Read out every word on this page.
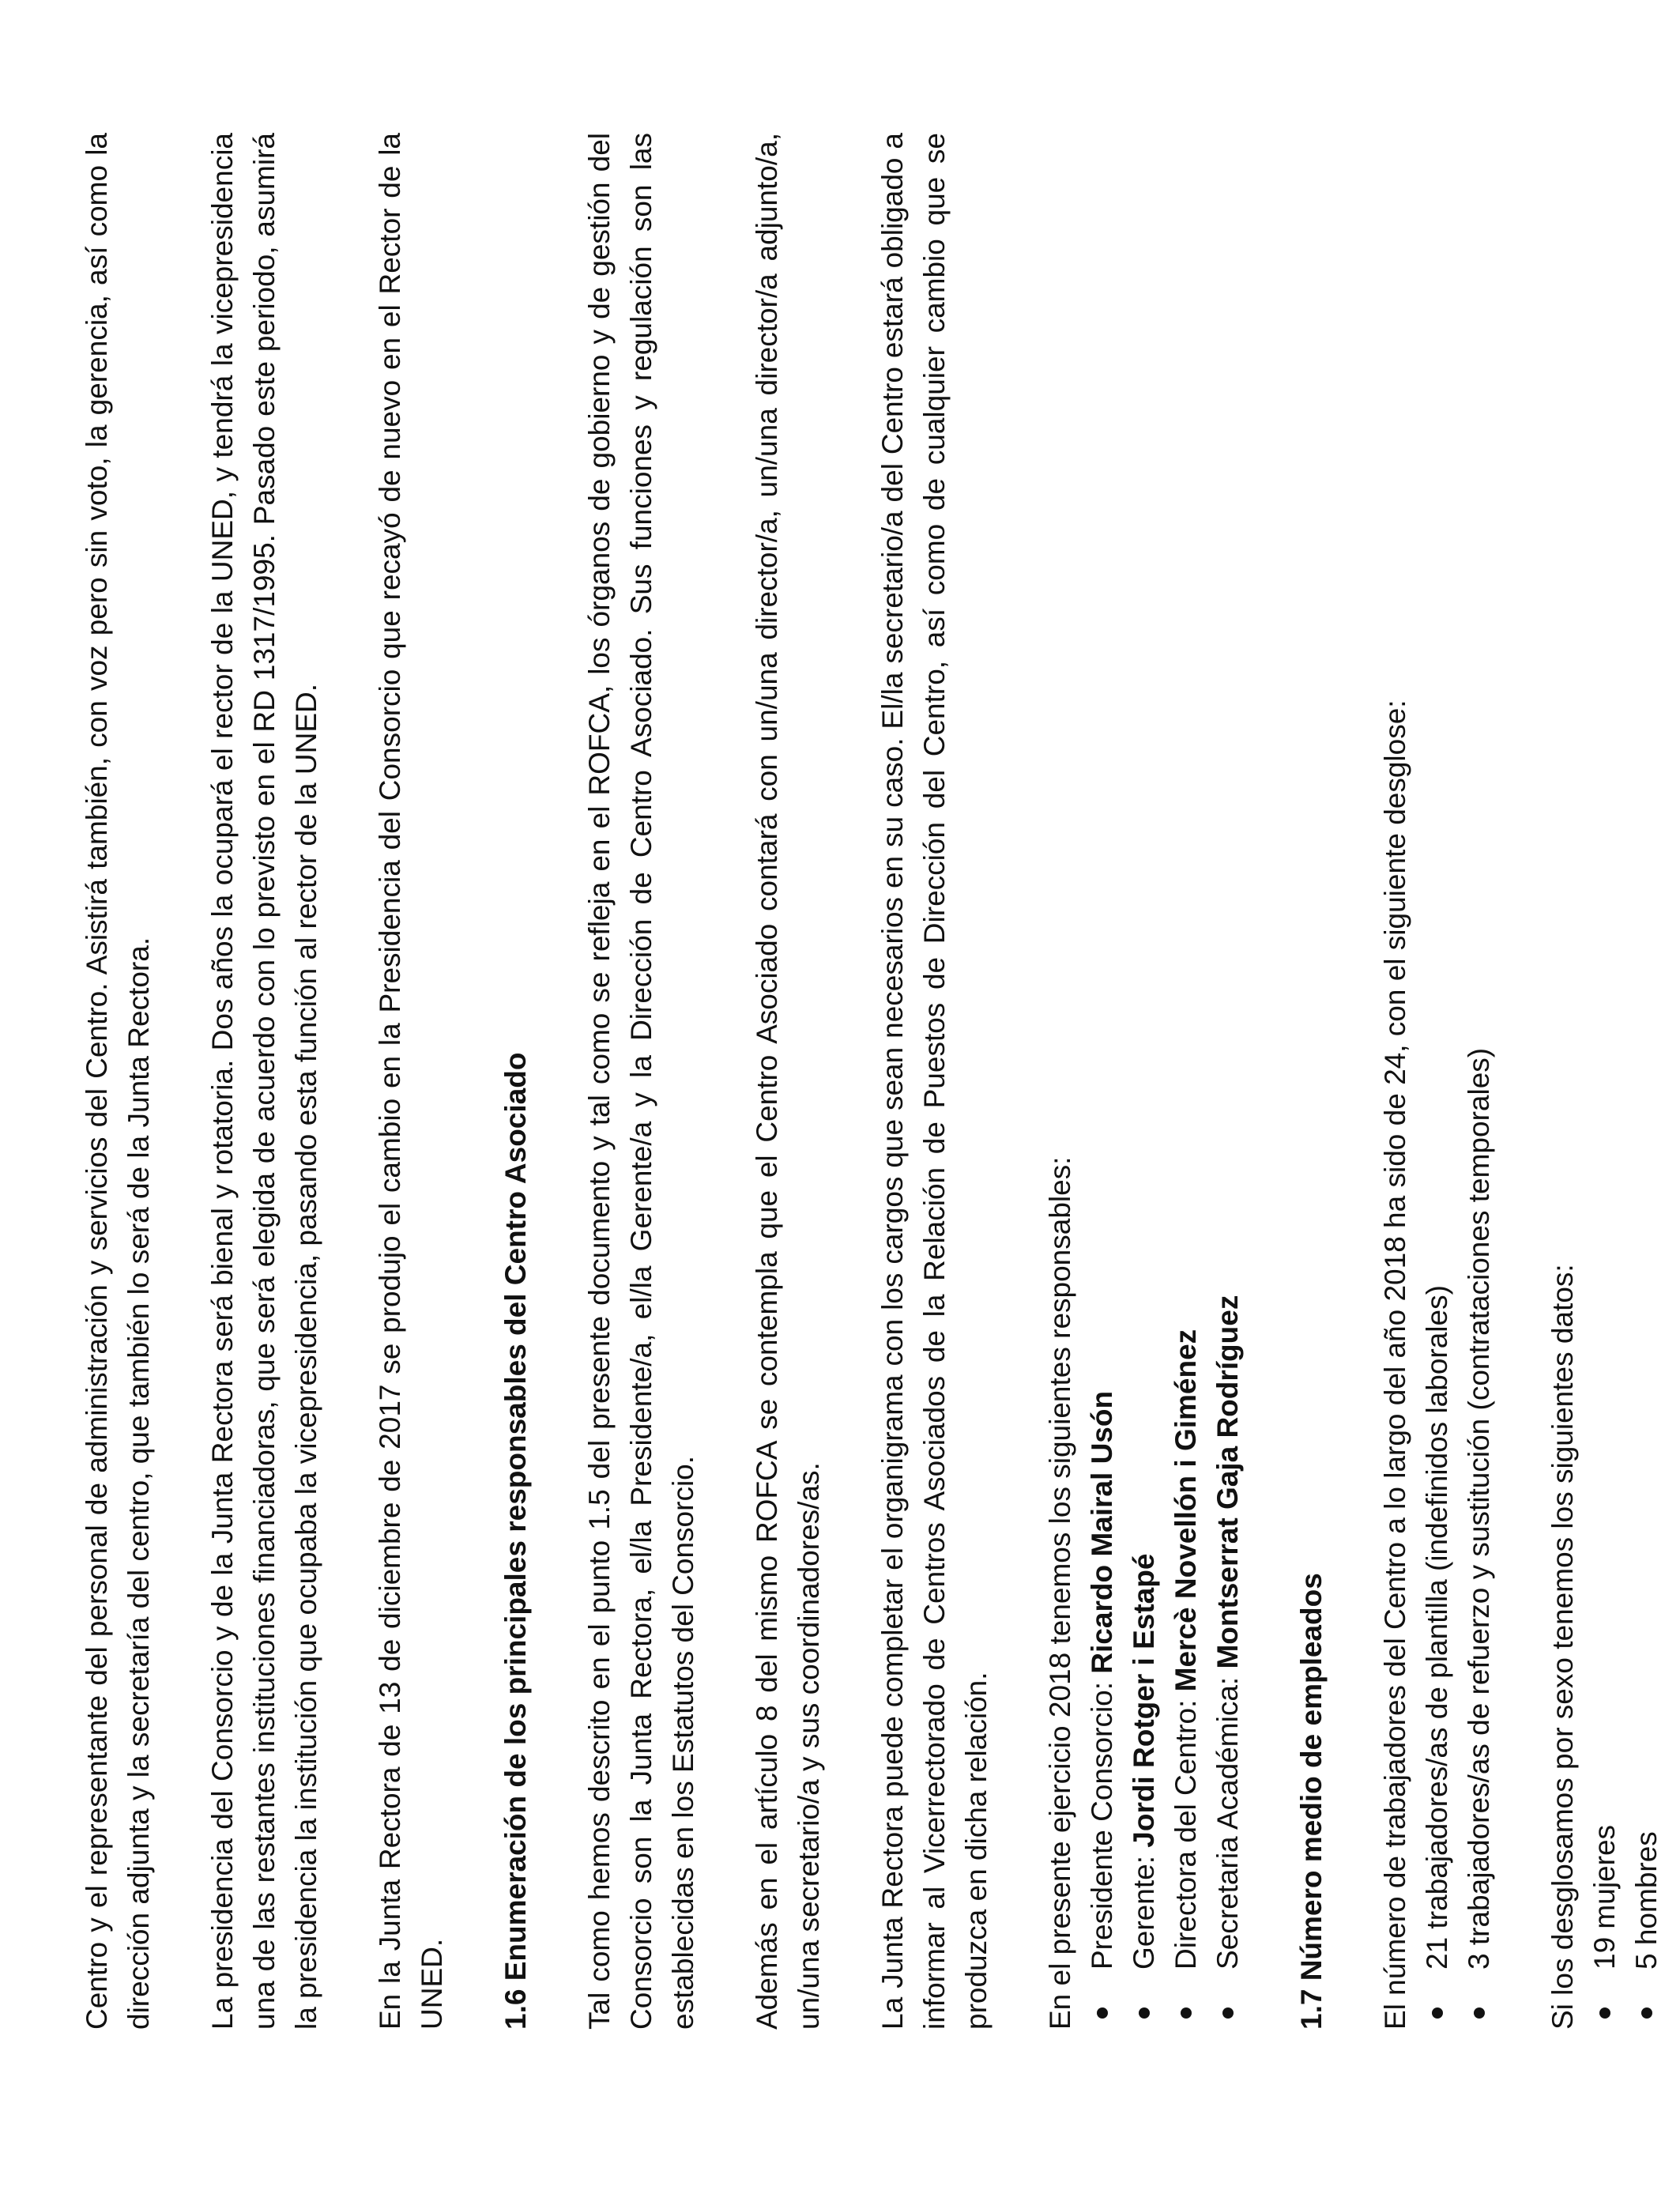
Centro y el representante del personal de administración y servicios del Centro. Asistirá también, con voz pero sin voto, la gerencia, así como la dirección adjunta y la secretaría del centro, que también lo será de la Junta Rectora. La presidencia del Consorcio y de la Junta Rectora será bienal y rotatoria. Dos años la ocupará el rector de la UNED, y tendrá la vicepresidencia una de las restantes instituciones financiadoras, que será elegida de acuerdo con lo previsto en el RD 1317/1995. Pasado este periodo, asumirá la presidencia la institución que ocupaba la vicepresidencia, pasando esta función al rector de la UNED. En la Junta Rectora de 13 de diciembre de 2017 se produjo el cambio en la Presidencia del Consorcio que recayó de nuevo en el Rector de la UNED. 1.6 Enumeración de los principales responsables del Centro Asociado Tal como hemos descrito en el punto 1.5 del presente documento y tal como se refleja en el ROFCA, los órganos de gobierno y de gestión del Consorcio son la Junta Rectora, el/la Presidente/a, el/la Gerente/a y la Dirección de Centro Asociado. Sus funciones y regulación son las establecidas en los Estatutos del Consorcio. Además en el artículo 8 del mismo ROFCA se contempla que el Centro Asociado contará con un/una director/a, un/una director/a adjunto/a, un/una secretario/a y sus coordinadores/as. La Junta Rectora puede completar el organigrama con los cargos que sean necesarios en su caso. El/la secretario/a del Centro estará obligado a informar al Vicerrectorado de Centros Asociados de la Relación de Puestos de Dirección del Centro, así como de cualquier cambio que se produzca en dicha relación. En el presente ejercicio 2018 tenemos los siguientes responsables: Presidente Consorcio: Ricardo Mairal Usón
Gerente: Jordi Rotger i Estapé Directora del Centro: Mercè Novellón i Giménez
Secretaria Académica: Montserrat Gaja Rodríguez
1.7 Número medio de empleados El número de trabajadores del Centro a lo largo del año 2018 ha sido de 24, con el siguiente desglose: 21 trabajadores/as de plantilla (indefinidos laborales) 3 trabajadores/as de refuerzo y sustitución (contrataciones temporales) Si los desglosamos por sexo tenemos los siguientes datos: 19 mujeres 5 hombres
